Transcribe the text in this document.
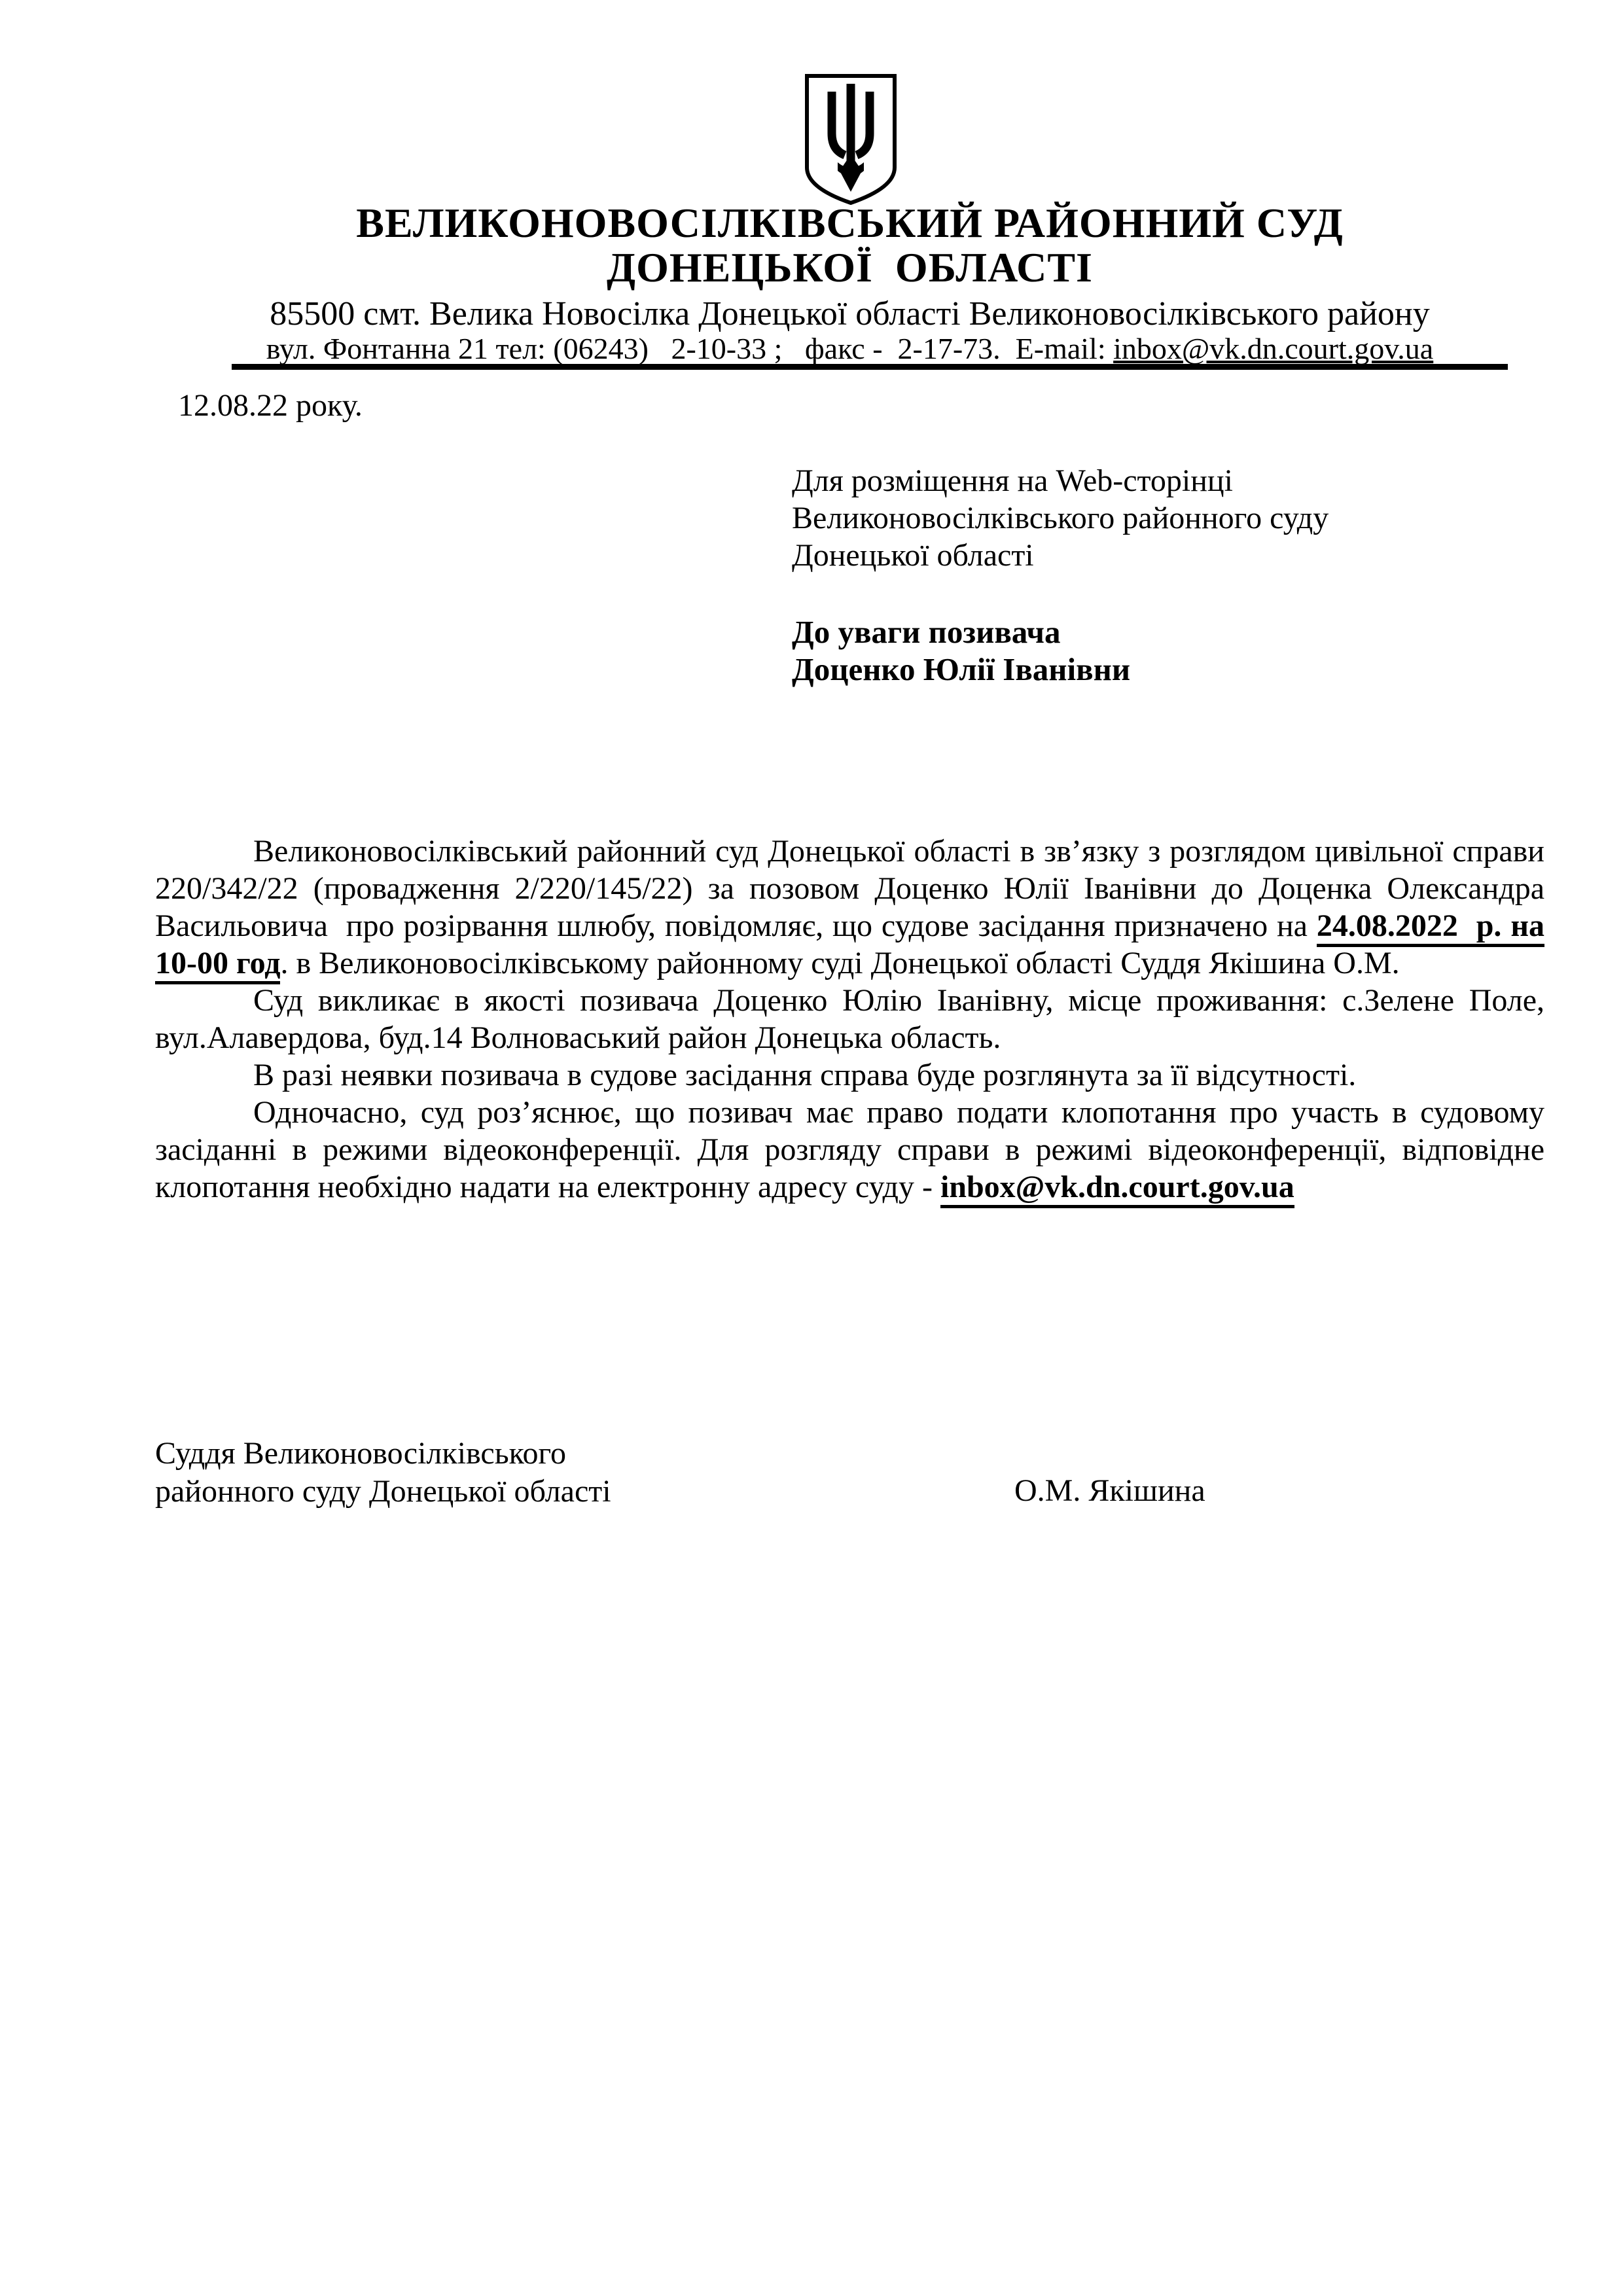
ВЕЛИКОНОВОСІЛКІВСЬКИЙ РАЙОННИЙ СУД
ДОНЕЦЬКОЇ  ОБЛАСТІ
85500 смт. Велика Новосілка Донецької області Великоновосілківського району
вул. Фонтанна 21 тел: (06243)   2-10-33 ;   факс -  2-17-73.  E-mail: inbox@vk.dn.court.gov.ua
12.08.22 року.
Для розміщення на Web-сторінці
Великоновосілківського районного суду
Донецької області
До уваги позивача
Доценко Юлії Іванівни

Великоновосілківський районний суд Донецької області в зв’язку з розглядом цивільної справи 220/342/22 (провадження 2/220/145/22) за позовом Доценко Юлії Іванівни до Доценка Олександра Васильовича  про розірвання шлюбу, повідомляє, що судове засідання призначено на 24.08.2022  р. на 10-00 год. в Великоновосілківському районному суді Донецької області Суддя Якішина О.М.

Суд викликає в якості позивача Доценко Юлію Іванівну, місце проживання: с.Зелене Поле, вул.Алавердова, буд.14 Волноваський район Донецька область.

В разі неявки позивача в судове засідання справа буде розглянута за її відсутності.

Одночасно, суд роз’яснює, що позивач має право подати клопотання про участь в судовому засіданні в режими відеоконференції. Для розгляду справи в режимі відеоконференції, відповідне клопотання необхідно надати на електронну адресу суду - inbox@vk.dn.court.gov.ua

Суддя Великоновосілківського
районного суду Донецької області	О.М. Якішина
